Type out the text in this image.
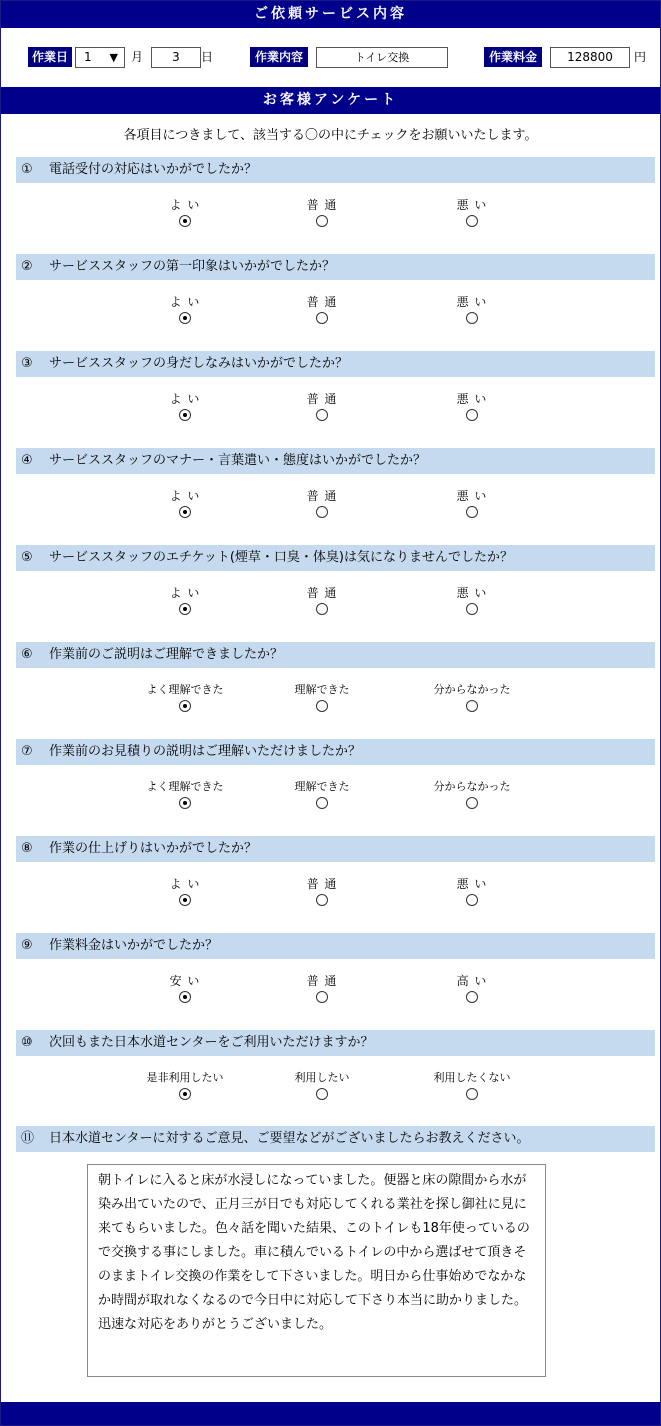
ご依頼サービス内容
作業日	1 ▼ 月	3	日	作業内容	トイレ交換	作業料金	128800	円
お客様アンケート
各項目につきまして、該当する〇の中にチェックをお願いいたします。
① 電話受付の対応はいかがでしたか？
よ い	普 通	悪 い
② サービススタッフの第一印象はいかがでしたか？
よ い	普 通	悪 い
③ サービススタッフの身だしなみはいかがでしたか？
よ い	普 通	悪 い
④ サービススタッフのマナー・言葉遣い・態度はいかがでしたか？
よ い	普 通	悪 い
⑤ サービススタッフのエチケット(煙草・口臭・体臭)は気になりませんでしたか？
よ い	普 通	悪 い
⑥ 作業前のご説明はご理解できましたか？
よく理解できた	理解できた	分からなかった
⑦ 作業前のお見積りの説明はご理解いただけましたか？
よく理解できた	理解できた	分からなかった
⑧ 作業の仕上げりはいかがでしたか？
よ い	普 通	悪 い
⑨ 作業料金はいかがでしたか？
安 い	普 通	高 い
⑩ 次回もまた日本水道センターをご利用いただけますか？
是非利用したい	利用したい	利用したくない
⑪ 日本水道センターに対するご意見、ご要望などがございましたらお教えください。
朝トイレに入ると床が水浸しになっていました。便器と床の隙間から水が染み出ていたので、正月三が日でも対応してくれる業社を探し御社に見に来てもらいました。色々話を聞いた結果、このトイレも18年使っているので交換する事にしました。車に積んでいるトイレの中から選ばせて頂きそのままトイレ交換の作業をして下さいました。明日から仕事始めでなかなか時間が取れなくなるので今日中に対応して下さり本当に助かりました。迅速な対応をありがとうございました。
